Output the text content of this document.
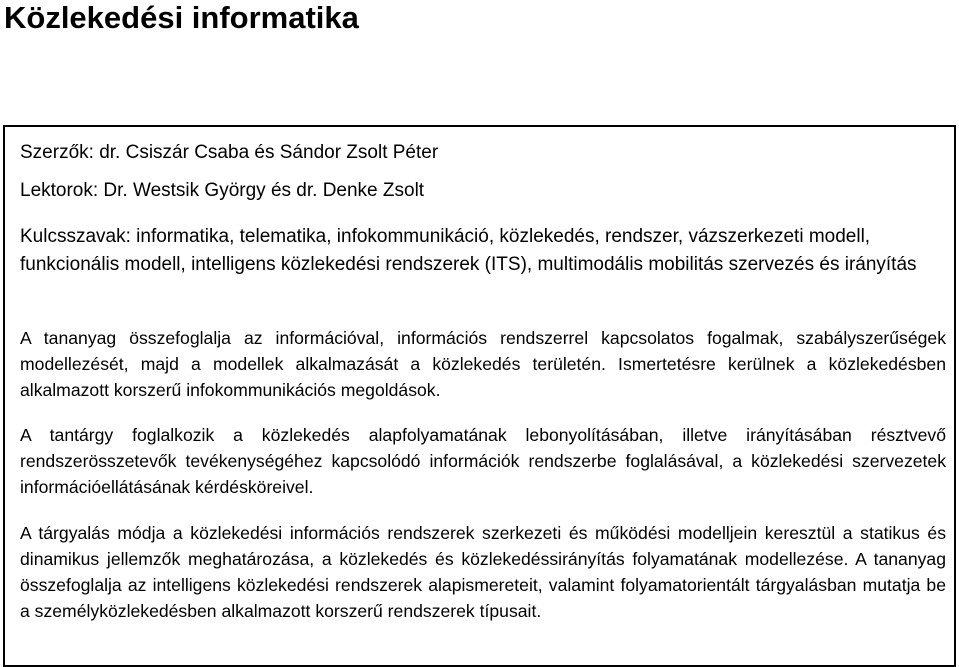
Közlekedési informatika
Szerzők: dr. Csiszár Csaba és Sándor Zsolt Péter
Lektorok: Dr. Westsik György és dr. Denke Zsolt

Kulcsszavak: informatika, telematika, infokommunikáció, közlekedés, rendszer, vázszerkezeti modell, funkcionális modell, intelligens közlekedési rendszerek (ITS), multimodális mobilitás szervezés és irányítás

A tananyag összefoglalja az információval, információs rendszerrel kapcsolatos fogalmak, szabályszerűségek modellezését, majd a modellek alkalmazását a közlekedés területén. Ismertetésre kerülnek a közlekedésben alkalmazott korszerű infokommunikációs megoldások.

A tantárgy foglalkozik a közlekedés alapfolyamatának lebonyolításában, illetve irányításában résztvevő rendszerösszetevők tevékenységéhez kapcsolódó információk rendszerbe foglalásával, a közlekedési szervezetek információellátásának kérdésköreivel.

A tárgyalás módja a közlekedési információs rendszerek szerkezeti és működési modelljein keresztül a statikus és dinamikus jellemzők meghatározása, a közlekedés és közlekedéssirányítás folyamatának modellezése. A tananyag összefoglalja az intelligens közlekedési rendszerek alapismereteit, valamint folyamatorientált tárgyalásban mutatja be a személyközlekedésben alkalmazott korszerű rendszerek típusait.
